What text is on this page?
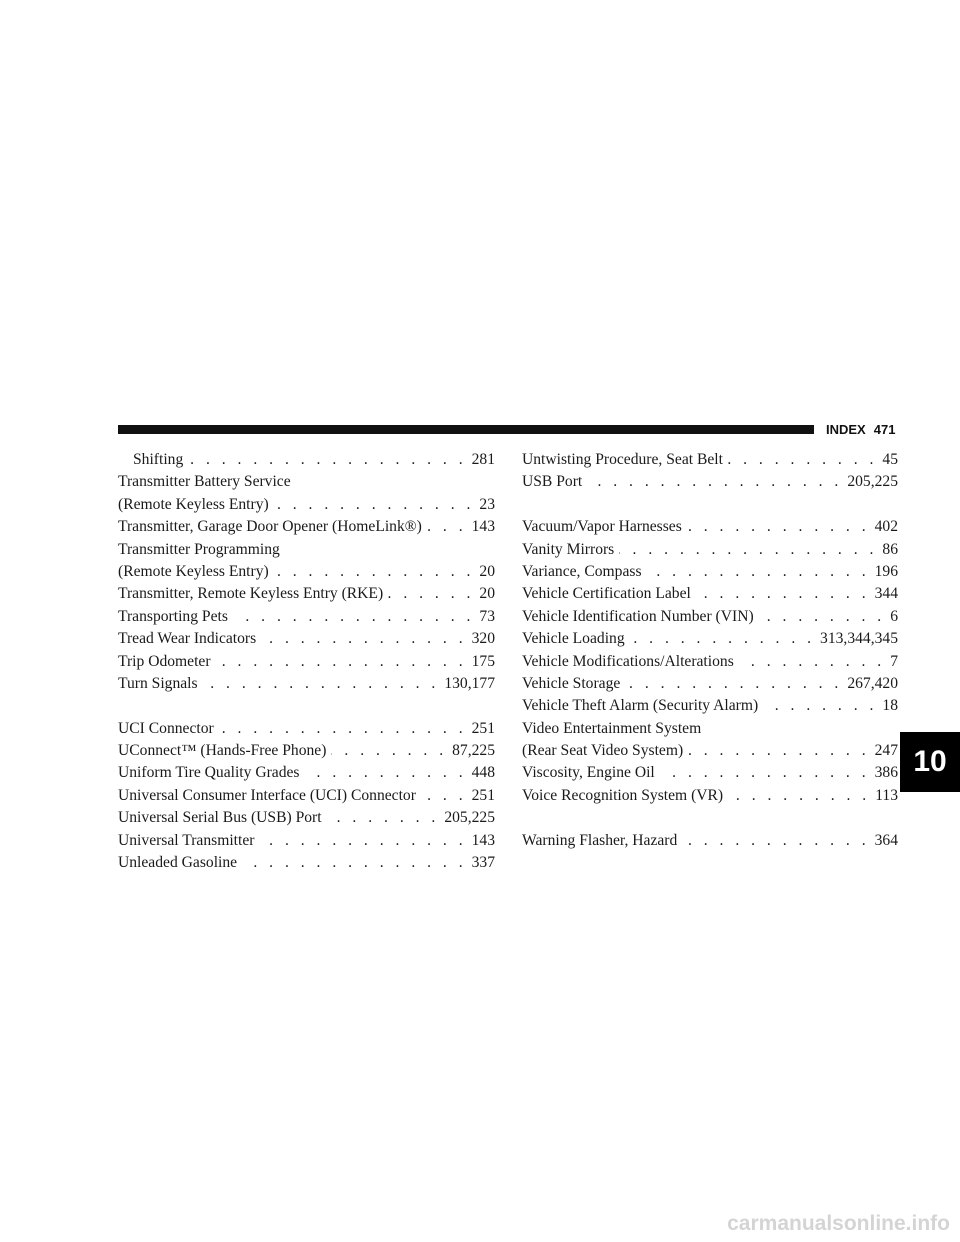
INDEX 471
Shifting . . .	281
Transmitter Battery Service
(Remote Keyless Entry) . . .	23
Transmitter, Garage Door Opener (HomeLink®) . . .	143
Transmitter Programming
(Remote Keyless Entry) . . .	20
Transmitter, Remote Keyless Entry (RKE) . . .	20
Transporting Pets . . .	73
Tread Wear Indicators . . .	320
Trip Odometer . . .	175
Turn Signals . . .	130,177
UCI Connector . . .	251
UConnect™ (Hands-Free Phone) . . .	87,225
Uniform Tire Quality Grades . . .	448
Universal Consumer Interface (UCI) Connector . . .	251
Universal Serial Bus (USB) Port . . .	205,225
Universal Transmitter . . .	143
Unleaded Gasoline . . .	337
Untwisting Procedure, Seat Belt . . .	45
USB Port . . .	205,225
Vacuum/Vapor Harnesses . . .	402
Vanity Mirrors . . .	86
Variance, Compass . . .	196
Vehicle Certification Label . . .	344
Vehicle Identification Number (VIN) . . .	6
Vehicle Loading . . .	313,344,345
Vehicle Modifications/Alterations . . .	7
Vehicle Storage . . .	267,420
Vehicle Theft Alarm (Security Alarm) . . .	18
Video Entertainment System
(Rear Seat Video System) . . .	247
Viscosity, Engine Oil . . .	386
Voice Recognition System (VR) . . .	113
Warning Flasher, Hazard . . .	364
10
carmanualsonline.info
